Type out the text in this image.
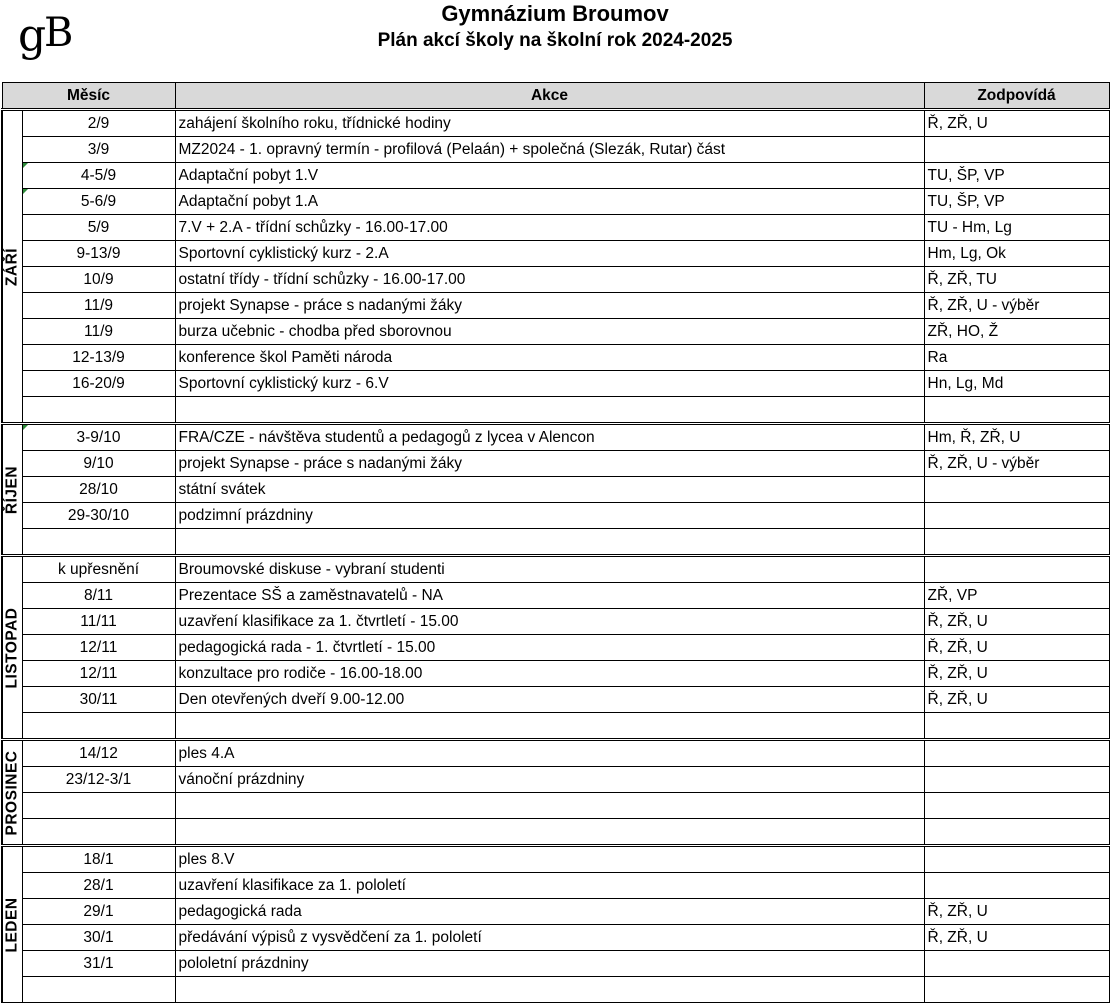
g
B	Gymnázium Broumov
Plán akcí školy na školní rok 2024-2025
Měsíc		Akce	Zodpovídá

ZÁŘÍ	2/9	zahájení školního roku, třídnické hodiny	Ř, ZŘ, U
	3/9	MZ2024 - 1. opravný termín - profilová (Pelaán) + společná (Slezák, Rutar) část	
	4-5/9	Adaptační pobyt 1.V	TU, ŠP, VP
	5-6/9	Adaptační pobyt 1.A	TU, ŠP, VP
	5/9	7.V + 2.A - třídní schůzky - 16.00-17.00	TU - Hm, Lg
	9-13/9	Sportovní cyklistický kurz - 2.A	Hm, Lg, Ok
	10/9	ostatní třídy - třídní schůzky - 16.00-17.00	Ř, ZŘ, TU
	11/9	projekt Synapse - práce s nadanými žáky	Ř, ZŘ, U - výběr
	11/9	burza učebnic - chodba před sborovnou	ZŘ, HO, Ž
	12-13/9	konference škol Paměti národa	Ra
	16-20/9	Sportovní cyklistický kurz - 6.V	Hn, Lg, Md

ŘÍJEN	3-9/10	FRA/CZE - návštěva studentů a pedagogů z lycea v Alencon	Hm, Ř, ZŘ, U
	9/10	projekt Synapse - práce s nadanými žáky	Ř, ZŘ, U - výběr
	28/10	státní svátek	
	29-30/10	podzimní prázdniny	

LISTOPAD	k upřesnění	Broumovské diskuse - vybraní studenti	
	8/11	Prezentace SŠ a zaměstnavatelů - NA	ZŘ, VP
	11/11	uzavření klasifikace za 1. čtvrtletí - 15.00	Ř, ZŘ, U
	12/11	pedagogická rada - 1. čtvrtletí - 15.00	Ř, ZŘ, U
	12/11	konzultace pro rodiče - 16.00-18.00	Ř, ZŘ, U
	30/11	Den otevřených dveří 9.00-12.00	Ř, ZŘ, U

PROSINEC	14/12	ples 4.A	
	23/12-3/1	vánoční prázdniny	

LEDEN	18/1	ples 8.V	
	28/1	uzavření klasifikace za 1. pololetí	
	29/1	pedagogická rada	Ř, ZŘ, U
	30/1	předávání výpisů z vysvědčení za 1. pololetí	Ř, ZŘ, U
	31/1	pololetní prázdniny	
